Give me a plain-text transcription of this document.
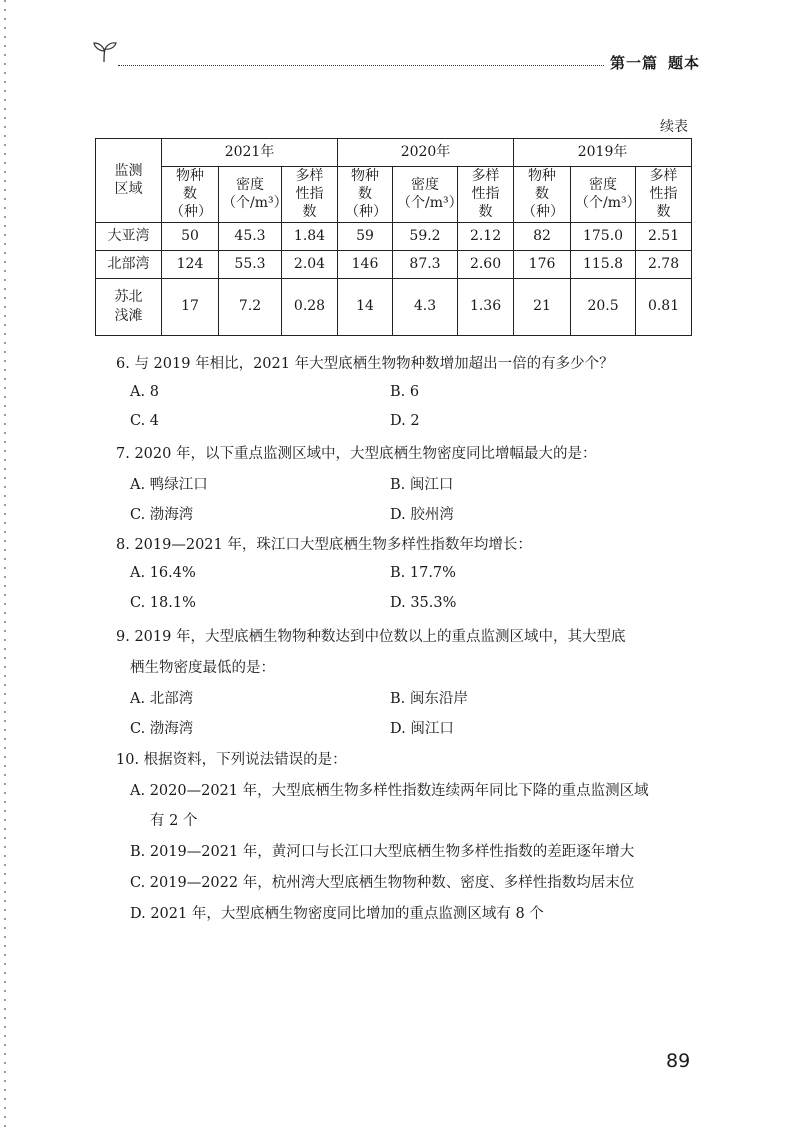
第一篇 题本
续表
监测区域	2021年			2020年			2019年		
	物种数（种）	密度（个/m³）	多样性指数	物种数（种）	密度（个/m³）	多样性指数	物种数（种）	密度（个/m³）	多样性指数
大亚湾	50	45.3	1.84	59	59.2	2.12	82	175.0	2.51
北部湾	124	55.3	2.04	146	87.3	2.60	176	115.8	2.78
苏北浅滩	17	7.2	0.28	14	4.3	1.36	21	20.5	0.81
6. 与 2019 年相比，2021 年大型底栖生物物种数增加超出一倍的有多少个？
A. 8	B. 6
C. 4	D. 2
7. 2020 年，以下重点监测区域中，大型底栖生物密度同比增幅最大的是：
A. 鸭绿江口	B. 闽江口
C. 渤海湾	D. 胶州湾
8. 2019—2021 年，珠江口大型底栖生物多样性指数年均增长：
A. 16.4%	B. 17.7%
C. 18.1%	D. 35.3%
9. 2019 年，大型底栖生物物种数达到中位数以上的重点监测区域中，其大型底
栖生物密度最低的是：
A. 北部湾	B. 闽东沿岸
C. 渤海湾	D. 闽江口
10. 根据资料，下列说法错误的是：
A. 2020—2021 年，大型底栖生物多样性指数连续两年同比下降的重点监测区域
有 2 个
B. 2019—2021 年，黄河口与长江口大型底栖生物多样性指数的差距逐年增大
C. 2019—2022 年，杭州湾大型底栖生物物种数、密度、多样性指数均居末位
D. 2021 年，大型底栖生物密度同比增加的重点监测区域有 8 个
89
